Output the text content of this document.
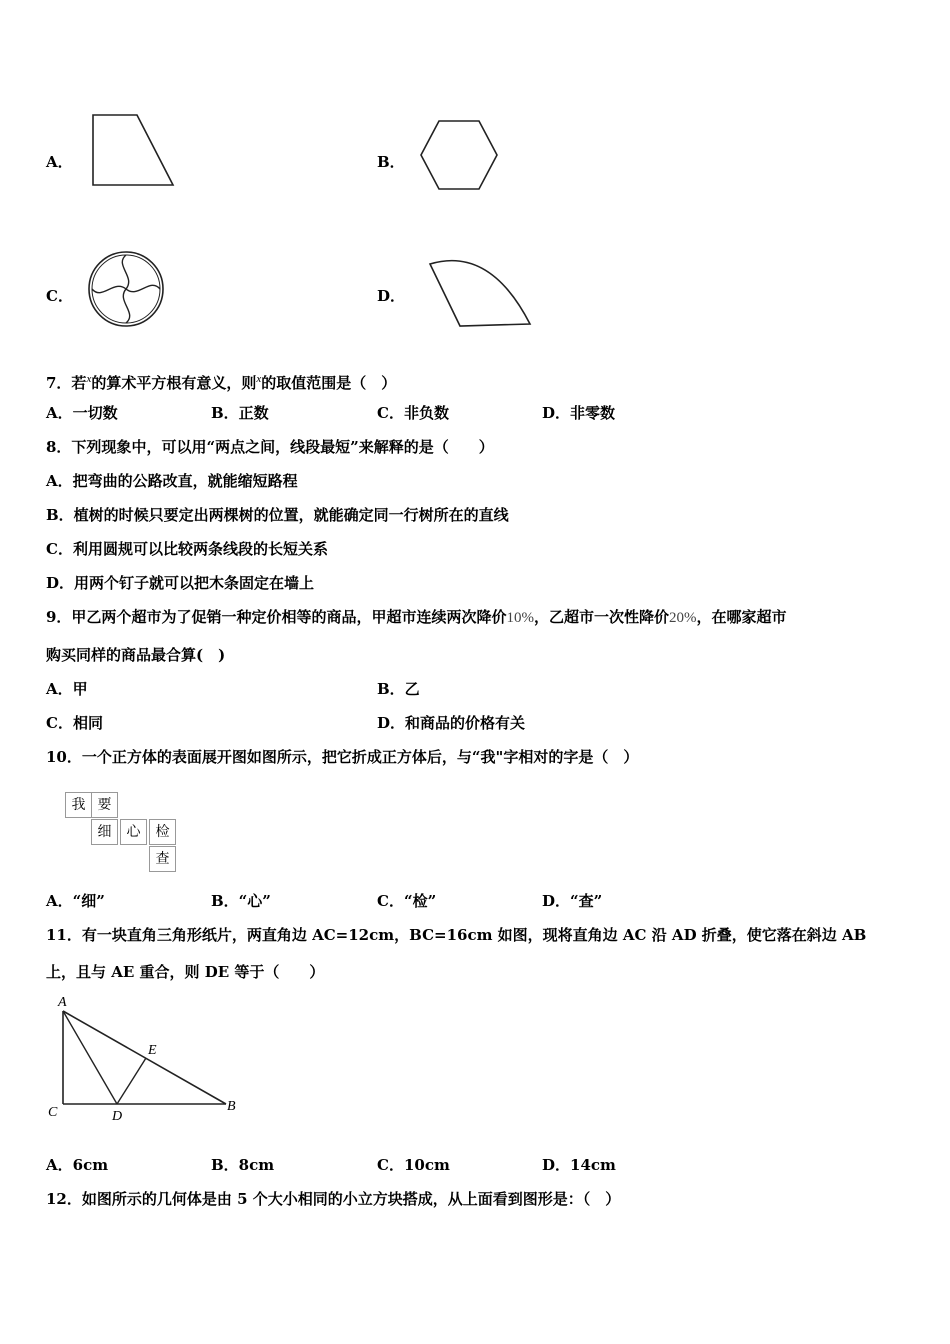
A．	B．
C．	D．
7．若$^x$的算术平方根有意义，则$^x$的取值范围是（　）
A．一切数	B．正数	C．非负数	D．非零数
8．下列现象中，可以用“两点之间，线段最短”来解释的是（　　）
A．把弯曲的公路改直，就能缩短路程
B．植树的时候只要定出两棵树的位置，就能确定同一行树所在的直线
C．利用圆规可以比较两条线段的长短关系
D．用两个钉子就可以把木条固定在墙上
9．甲乙两个超市为了促销一种定价相等的商品，甲超市连续两次降价10%，乙超市一次性降价20%，在哪家超市
购买同样的商品最合算(　)
A．甲	B．乙
C．相同	D．和商品的价格有关
10．一个正方体的表面展开图如图所示，把它折成正方体后，与“我"字相对的字是（　）
我 要
细	心	检
查
A．“细”	B．“心”	C．“检”	D．“查”
11．有一块直角三角形纸片，两直角边 AC=12cm，BC=16cm 如图，现将直角边 AC 沿 AD 折叠，使它落在斜边 AB
上，且与 AE 重合，则 DE 等于（　　）
A
E
C	D
B
A．6cm	B．8cm	C．10cm	D．14cm
12．如图所示的几何体是由 5 个大小相同的小立方块搭成，从上面看到图形是：（　）
